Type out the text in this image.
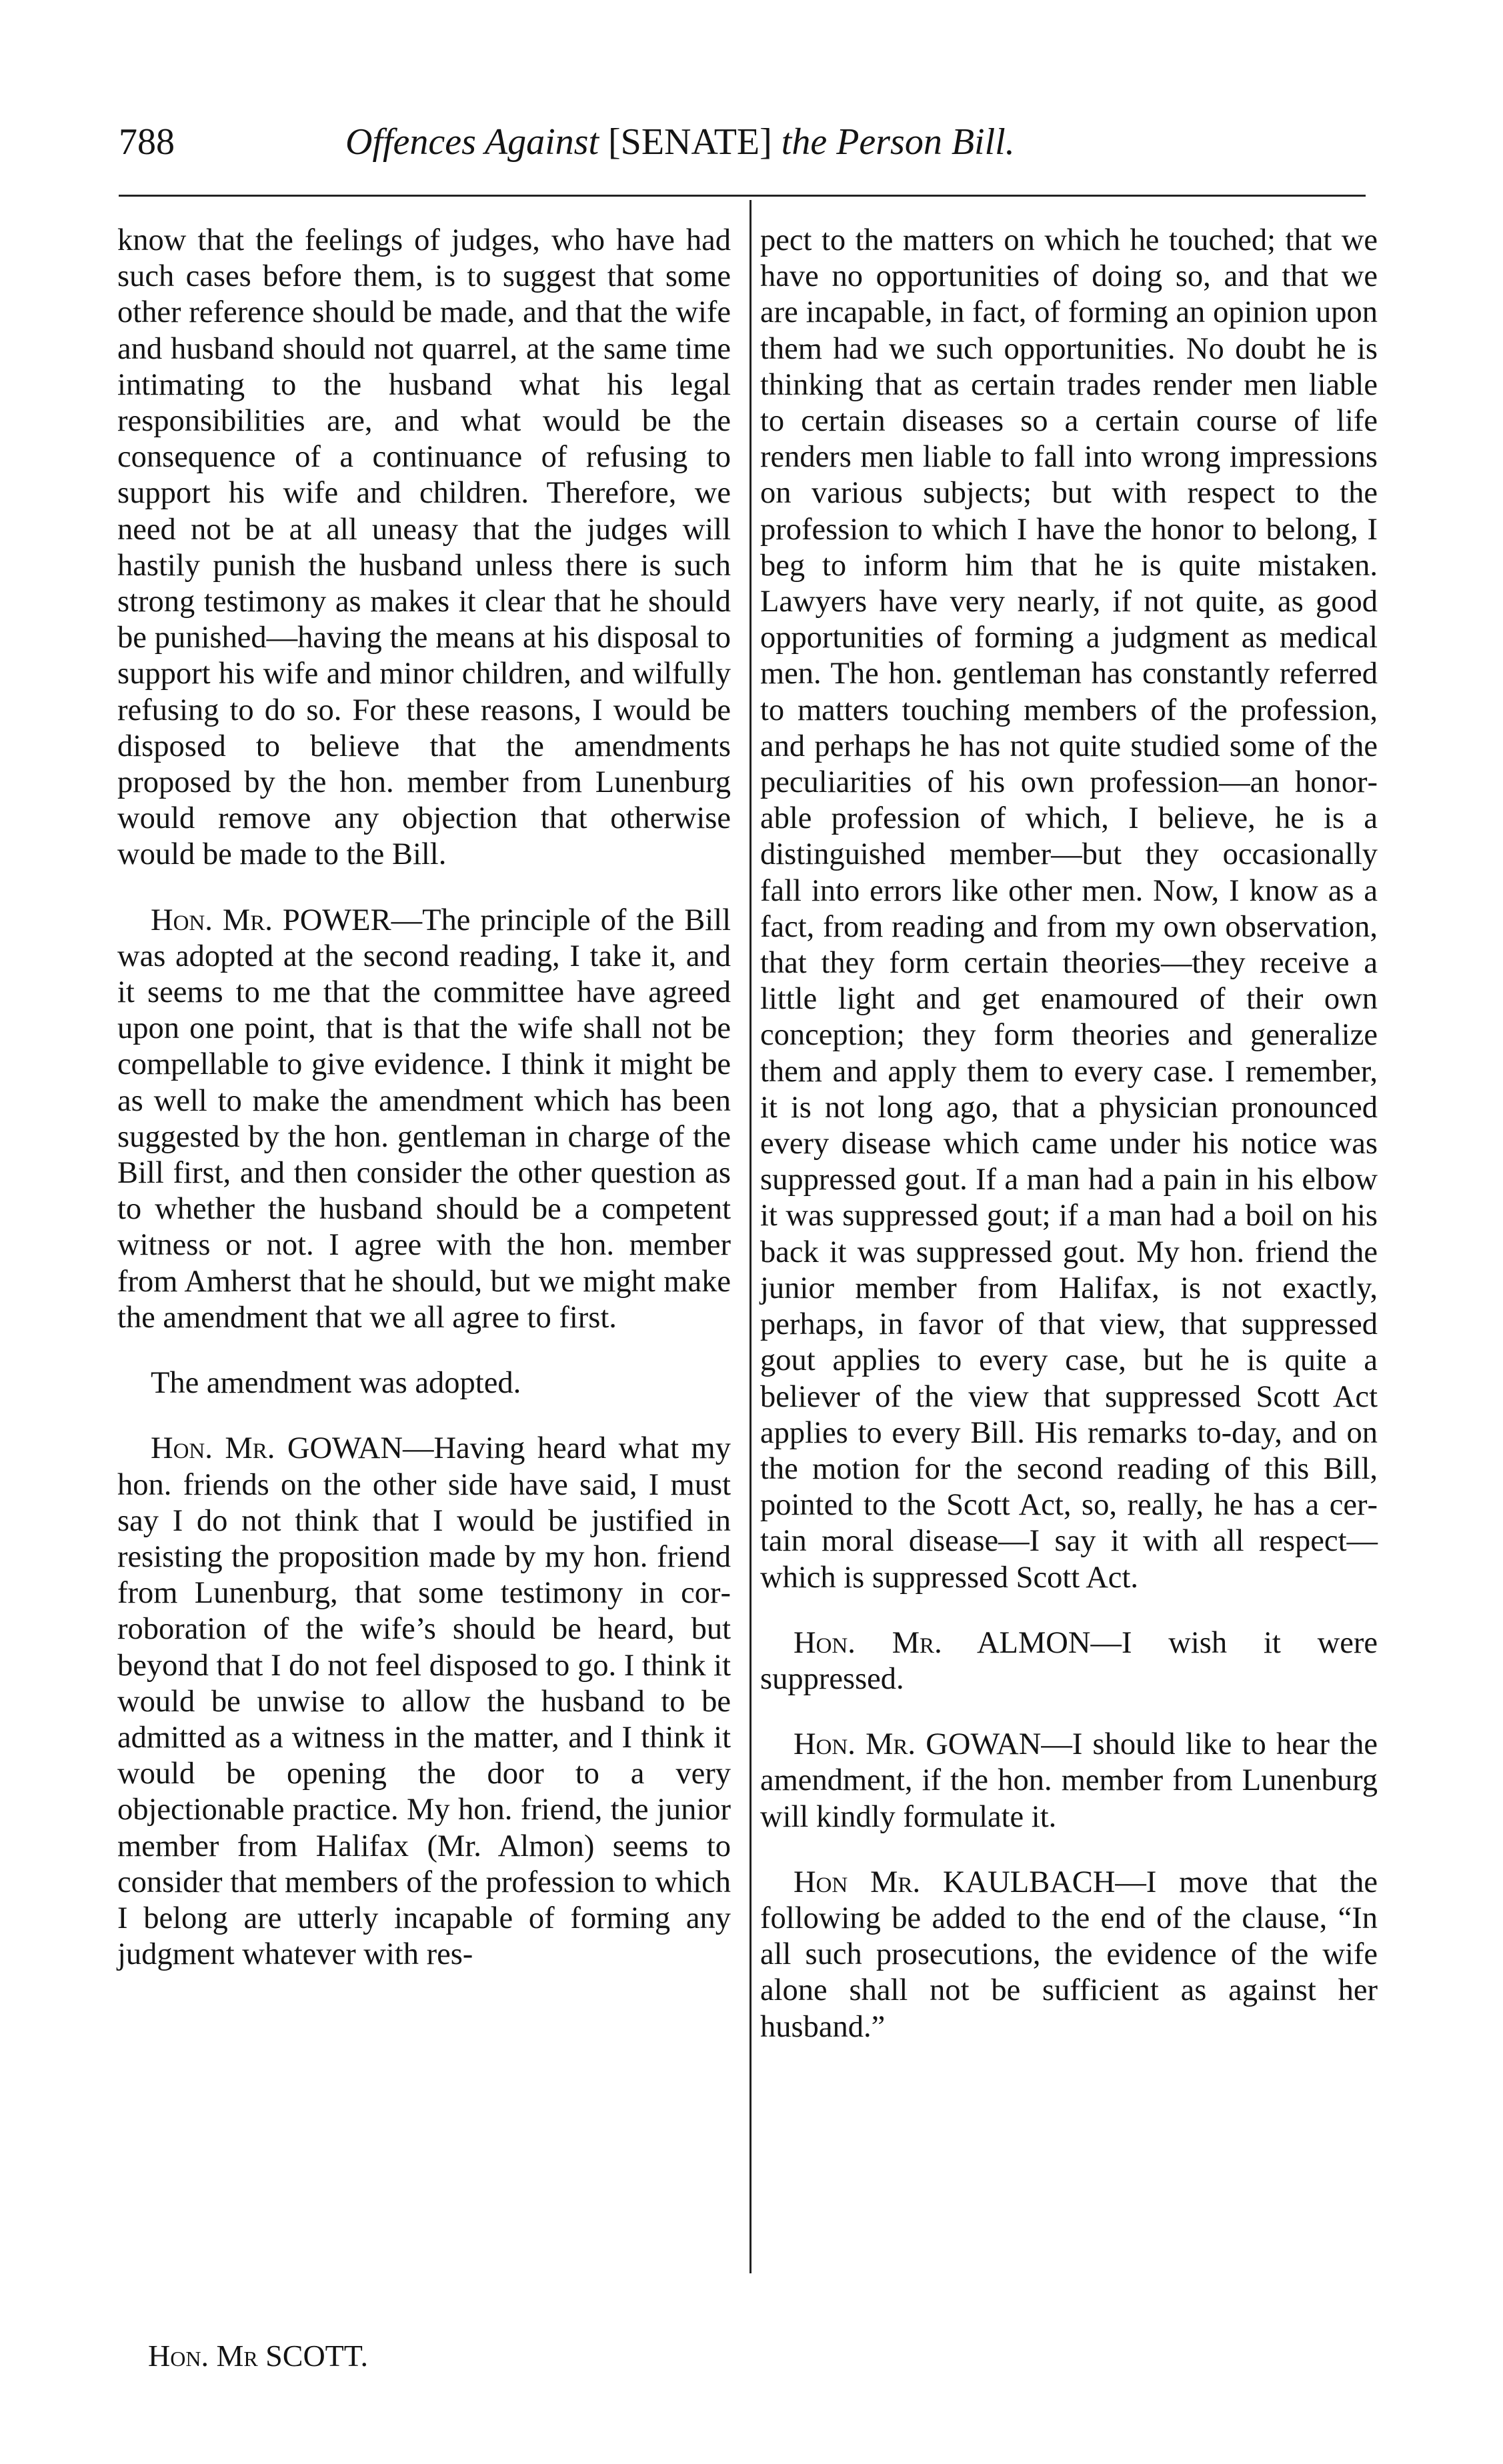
788	Offences Against [SENATE] the Person Bill.

know that the feelings of judges, who have had such cases before them, is to suggest that some other reference should be made, and that the wife and husband should not quarrel, at the same time intimating to the husband what his legal responsibilities are, and what would be the consequence of a continuance of refusing to support his wife and children. Therefore, we need not be at all uneasy that the judges will hastily punish the husband unless there is such strong testimony as makes it clear that he should be punished—having the means at his disposal to support his wife and minor children, and wilfully refusing to do so. For these reasons, I would be disposed to believe that the amendments proposed by the hon. member from Lunenburg would remove any objection that otherwise would be made to the Bill.

Hon. Mr. POWER—The principle of the Bill was adopted at the second reading, I take it, and it seems to me that the committee have agreed upon one point, that is that the wife shall not be compellable to give evidence. I think it might be as well to make the amendment which has been suggested by the hon. gentleman in charge of the Bill first, and then consider the other question as to whether the husband should be a competent witness or not. I agree with the hon. member from Amherst that he should, but we might make the amendment that we all agree to first.

The amendment was adopted.

Hon. Mr. GOWAN—Having heard what my hon. friends on the other side have said, I must say I do not think that I would be justified in resisting the proposition made by my hon. friend from Lunenburg, that some testimony in corroboration of the wife’s should be heard, but beyond that I do not feel disposed to go. I think it would be unwise to allow the husband to be admitted as a witness in the matter, and I think it would be opening the door to a very objectionable practice. My hon. friend, the junior member from Halifax (Mr. Almon) seems to consider that members of the profession to which I belong are utterly incapable of forming any judgment whatever with res-

pect to the matters on which he touched; that we have no opportunities of doing so, and that we are incapable, in fact, of forming an opinion upon them had we such opportunities. No doubt he is thinking that as certain trades render men liable to certain diseases so a certain course of life renders men liable to fall into wrong impressions on various subjects; but with respect to the profession to which I have the honor to belong, I beg to inform him that he is quite mistaken. Lawyers have very nearly, if not quite, as good opportunities of forming a judgment as medical men. The hon. gentleman has constantly referred to matters touching members of the profession, and perhaps he has not quite studied some of the peculiarities of his own profession—an honorable profession of which, I believe, he is a distinguished member—but they occasionally fall into errors like other men. Now, I know as a fact, from reading and from my own observation, that they form certain theories—they receive a little light and get enamoured of their own conception; they form theories and generalize them and apply them to every case. I remember, it is not long ago, that a physician pronounced every disease which came under his notice was suppressed gout. If a man had a pain in his elbow it was suppressed gout; if a man had a boil on his back it was suppressed gout. My hon. friend the junior member from Halifax, is not exactly, perhaps, in favor of that view, that suppressed gout applies to every case, but he is quite a believer of the view that suppressed Scott Act applies to every Bill. His remarks to-day, and on the motion for the second reading of this Bill, pointed to the Scott Act, so, really, he has a certain moral disease—I say it with all respect—which is suppressed Scott Act.

Hon. Mr. ALMON—I wish it were suppressed.

Hon. Mr. GOWAN—I should like to hear the amendment, if the hon. member from Lunenburg will kindly formulate it.

Hon Mr. KAULBACH—I move that the following be added to the end of the clause, “In all such prosecutions, the evidence of the wife alone shall not be sufficient as against her husband.”

Hon. Mr SCOTT.
